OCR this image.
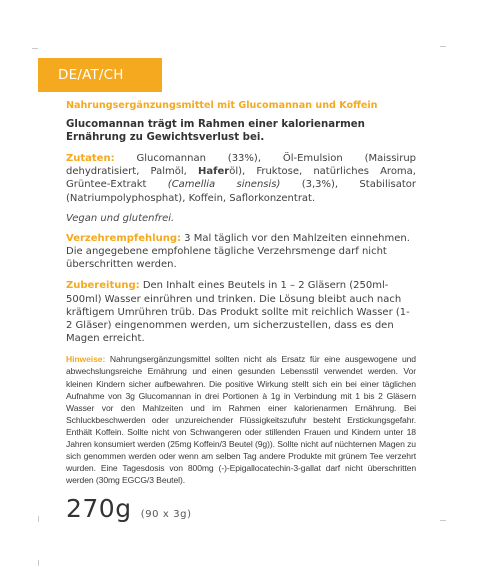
DE/AT/CH

Nahrungsergänzungsmittel mit Glucomannan und Koffein

Glucomannan trägt im Rahmen einer kalorienarmen Ernährung zu Gewichtsverlust bei.

Zutaten: Glucomannan (33%), Öl-Emulsion (Maissirup dehydratisiert, Palmöl, Haferöl), Fruktose, natürliches Aroma, Grüntee-Extrakt (Camellia sinensis) (3,3%), Stabilisator (Natriumpolyphosphat), Koffein, Saflorkonzentrat.

Vegan und glutenfrei.

Verzehrempfehlung: 3 Mal täglich vor den Mahlzeiten einnehmen. Die angegebene empfohlene tägliche Verzehrsmenge darf nicht überschritten werden.

Zubereitung: Den Inhalt eines Beutels in 1 – 2 Gläsern (250ml-500ml) Wasser einrühren und trinken. Die Lösung bleibt auch nach kräftigem Umrühren trüb. Das Produkt sollte mit reichlich Wasser (1-2 Gläser) eingenommen werden, um sicherzustellen, dass es den Magen erreicht.

Hinweise: Nahrungsergänzungsmittel sollten nicht als Ersatz für eine ausgewogene und abwechslungsreiche Ernährung und einen gesunden Lebensstil verwendet werden. Vor kleinen Kindern sicher aufbewahren. Die positive Wirkung stellt sich ein bei einer täglichen Aufnahme von 3g Glucomannan in drei Portionen à 1g in Verbindung mit 1 bis 2 Gläsern Wasser vor den Mahlzeiten und im Rahmen einer kalorienarmen Ernährung. Bei Schluckbeschwerden oder unzureichender Flüssigkeitszufuhr besteht Erstickungsgefahr. Enthält Koffein. Sollte nicht von Schwangeren oder stillenden Frauen und Kindern unter 18 Jahren konsumiert werden (25mg Koffein/3 Beutel (9g)). Sollte nicht auf nüchternen Magen zu sich genommen werden oder wenn am selben Tag andere Produkte mit grünem Tee verzehrt wurden. Eine Tagesdosis von 800mg (-)-Epigallocatechin-3-gallat darf nicht überschritten werden (30mg EGCG/3 Beutel).

270g (90 x 3g)
